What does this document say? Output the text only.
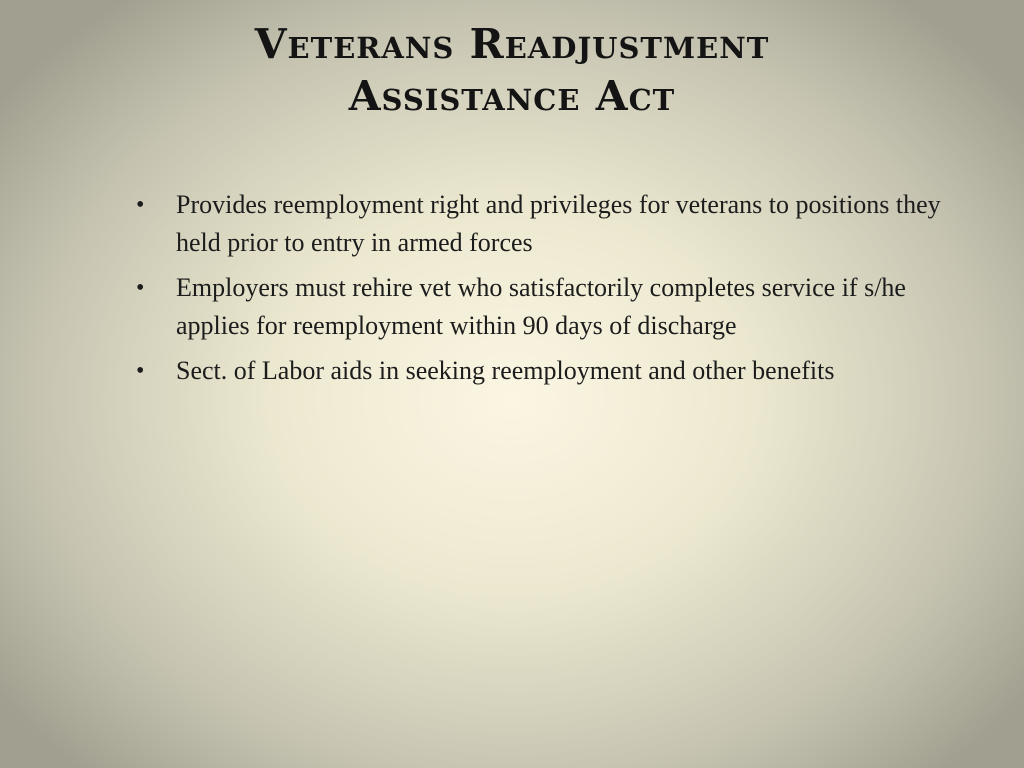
Veterans Readjustment
Assistance Act
•	Provides reemployment right and privileges for veterans to positions they held prior to entry in armed forces
•	Employers must rehire vet who satisfactorily completes service if s/he applies for reemployment within 90 days of discharge
•	Sect. of Labor aids in seeking reemployment and other benefits
